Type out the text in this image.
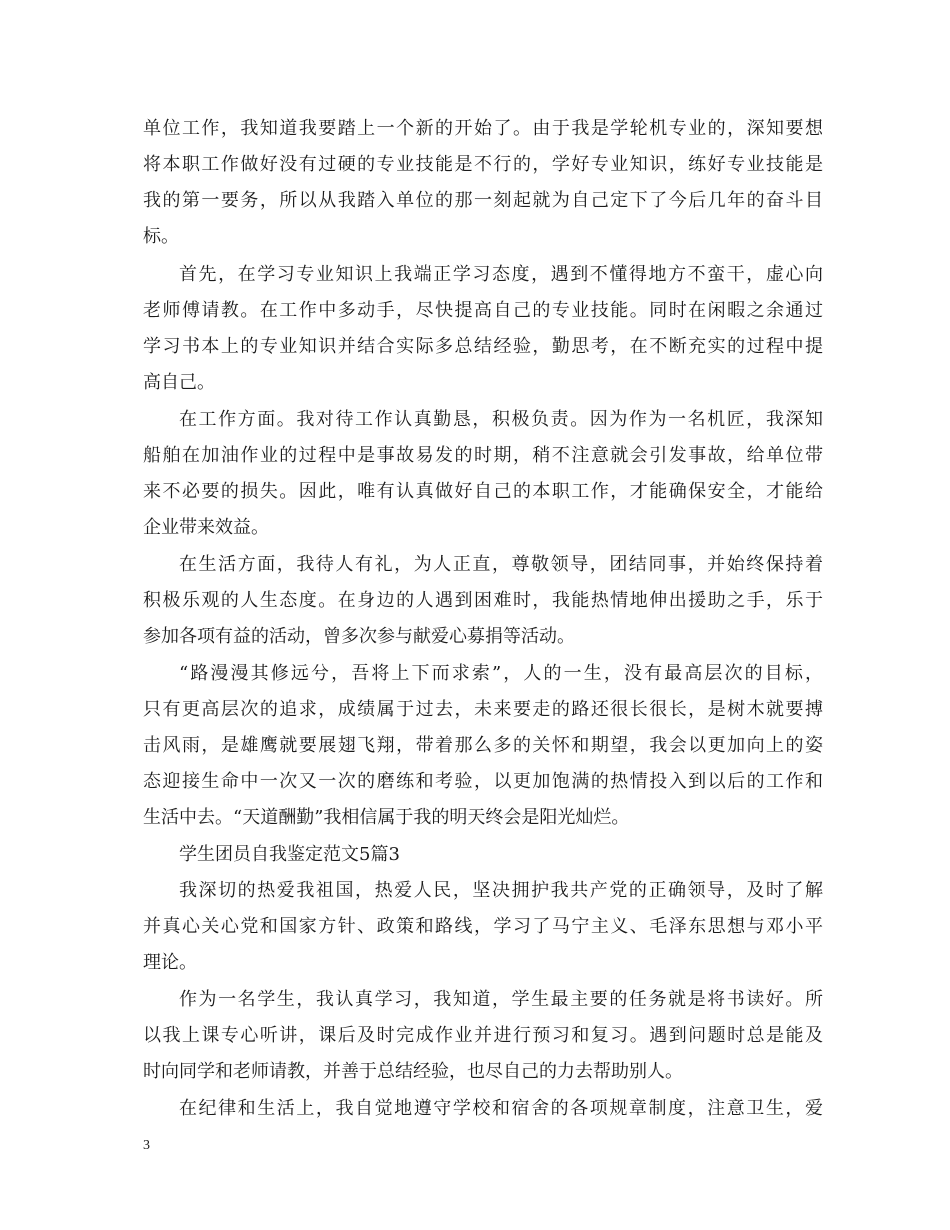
单位工作，我知道我要踏上一个新的开始了。由于我是学轮机专业的，深知要想
将本职工作做好没有过硬的专业技能是不行的，学好专业知识，练好专业技能是
我的第一要务，所以从我踏入单位的那一刻起就为自己定下了今后几年的奋斗目
标。
首先，在学习专业知识上我端正学习态度，遇到不懂得地方不蛮干，虚心向
老师傅请教。在工作中多动手，尽快提高自己的专业技能。同时在闲暇之余通过
学习书本上的专业知识并结合实际多总结经验，勤思考，在不断充实的过程中提
高自己。
在工作方面。我对待工作认真勤恳，积极负责。因为作为一名机匠，我深知
船舶在加油作业的过程中是事故易发的时期，稍不注意就会引发事故，给单位带
来不必要的损失。因此，唯有认真做好自己的本职工作，才能确保安全，才能给
企业带来效益。
在生活方面，我待人有礼，为人正直，尊敬领导，团结同事，并始终保持着
积极乐观的人生态度。在身边的人遇到困难时，我能热情地伸出援助之手，乐于
参加各项有益的活动，曾多次参与献爱心募捐等活动。
“路漫漫其修远兮，吾将上下而求索”，人的一生，没有最高层次的目标，
只有更高层次的追求，成绩属于过去，未来要走的路还很长很长，是树木就要搏
击风雨，是雄鹰就要展翅飞翔，带着那么多的关怀和期望，我会以更加向上的姿
态迎接生命中一次又一次的磨练和考验，以更加饱满的热情投入到以后的工作和
生活中去。“天道酬勤”我相信属于我的明天终会是阳光灿烂。
学生团员自我鉴定范文5篇3
我深切的热爱我祖国，热爱人民，坚决拥护我共产党的正确领导，及时了解
并真心关心党和国家方针、政策和路线，学习了马宁主义、毛泽东思想与邓小平
理论。
作为一名学生，我认真学习，我知道，学生最主要的任务就是将书读好。所
以我上课专心听讲，课后及时完成作业并进行预习和复习。遇到问题时总是能及
时向同学和老师请教，并善于总结经验，也尽自己的力去帮助别人。
在纪律和生活上，我自觉地遵守学校和宿舍的各项规章制度，注意卫生，爱
3
